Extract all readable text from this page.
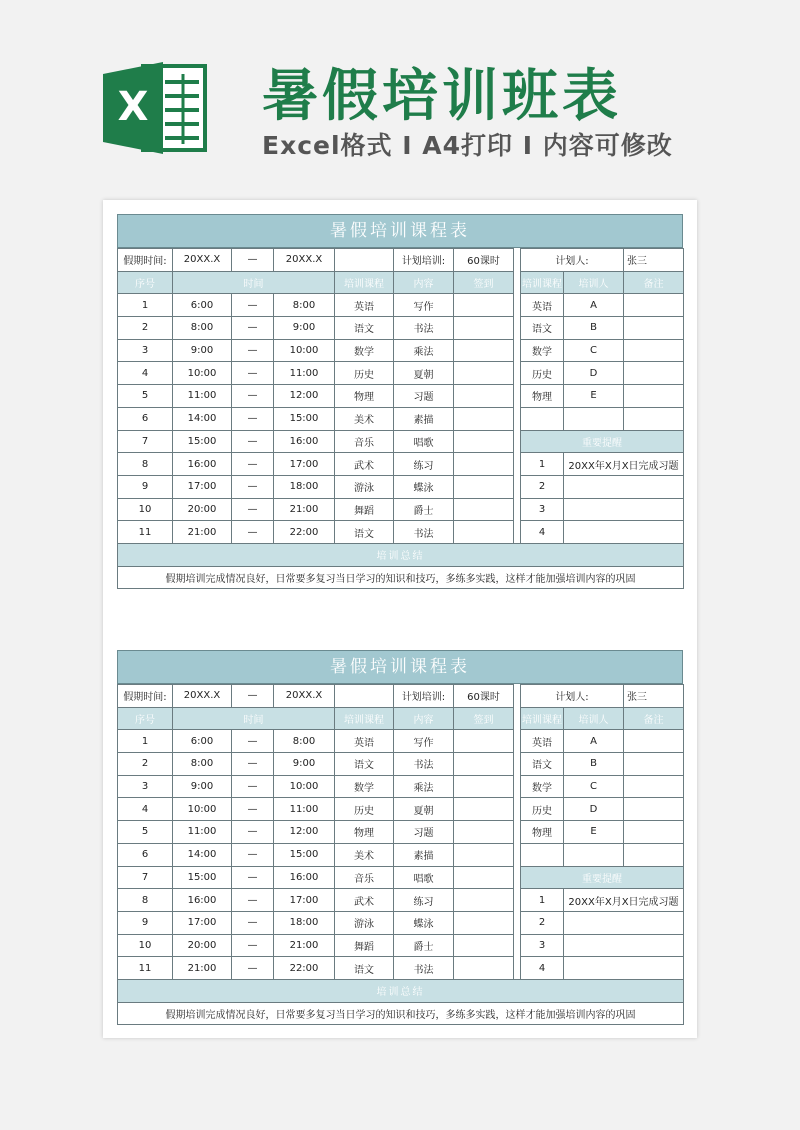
X 暑假培训班表
Excel格式 I A4打印 I 内容可修改
暑假培训课程表
假期时间:	20XX.X	—	20XX.X		计划培训:	60课时		计划人:		张三
序号	时间			培训课程	内容	签到		培训课程	培训人	备注
1	6:00	—	8:00	英语	写作			英语	A	
2	8:00	—	9:00	语文	书法			语文	B	
3	9:00	—	10:00	数学	乘法			数学	C	
4	10:00	—	11:00	历史	夏朝			历史	D	
5	11:00	—	12:00	物理	习题			物理	E	
6	14:00	—	15:00	美术	素描					
7	15:00	—	16:00	音乐	唱歌			重要提醒		
8	16:00	—	17:00	武术	练习			1	20XX年X月X日完成习题	
9	17:00	—	18:00	游泳	蝶泳			2		
10	20:00	—	21:00	舞蹈	爵士			3		
11	21:00	—	22:00	语文	书法			4		
培训总结										
假期培训完成情况良好，日常要多复习当日学习的知识和技巧，多练多实践，这样才能加强培训内容的巩固										
暑假培训课程表
假期时间:	20XX.X	—	20XX.X		计划培训:	60课时		计划人:		张三
序号	时间			培训课程	内容	签到		培训课程	培训人	备注
1	6:00	—	8:00	英语	写作			英语	A	
2	8:00	—	9:00	语文	书法			语文	B	
3	9:00	—	10:00	数学	乘法			数学	C	
4	10:00	—	11:00	历史	夏朝			历史	D	
5	11:00	—	12:00	物理	习题			物理	E	
6	14:00	—	15:00	美术	素描					
7	15:00	—	16:00	音乐	唱歌			重要提醒		
8	16:00	—	17:00	武术	练习			1	20XX年X月X日完成习题	
9	17:00	—	18:00	游泳	蝶泳			2		
10	20:00	—	21:00	舞蹈	爵士			3		
11	21:00	—	22:00	语文	书法			4		
培训总结										
假期培训完成情况良好，日常要多复习当日学习的知识和技巧，多练多实践，这样才能加强培训内容的巩固										
